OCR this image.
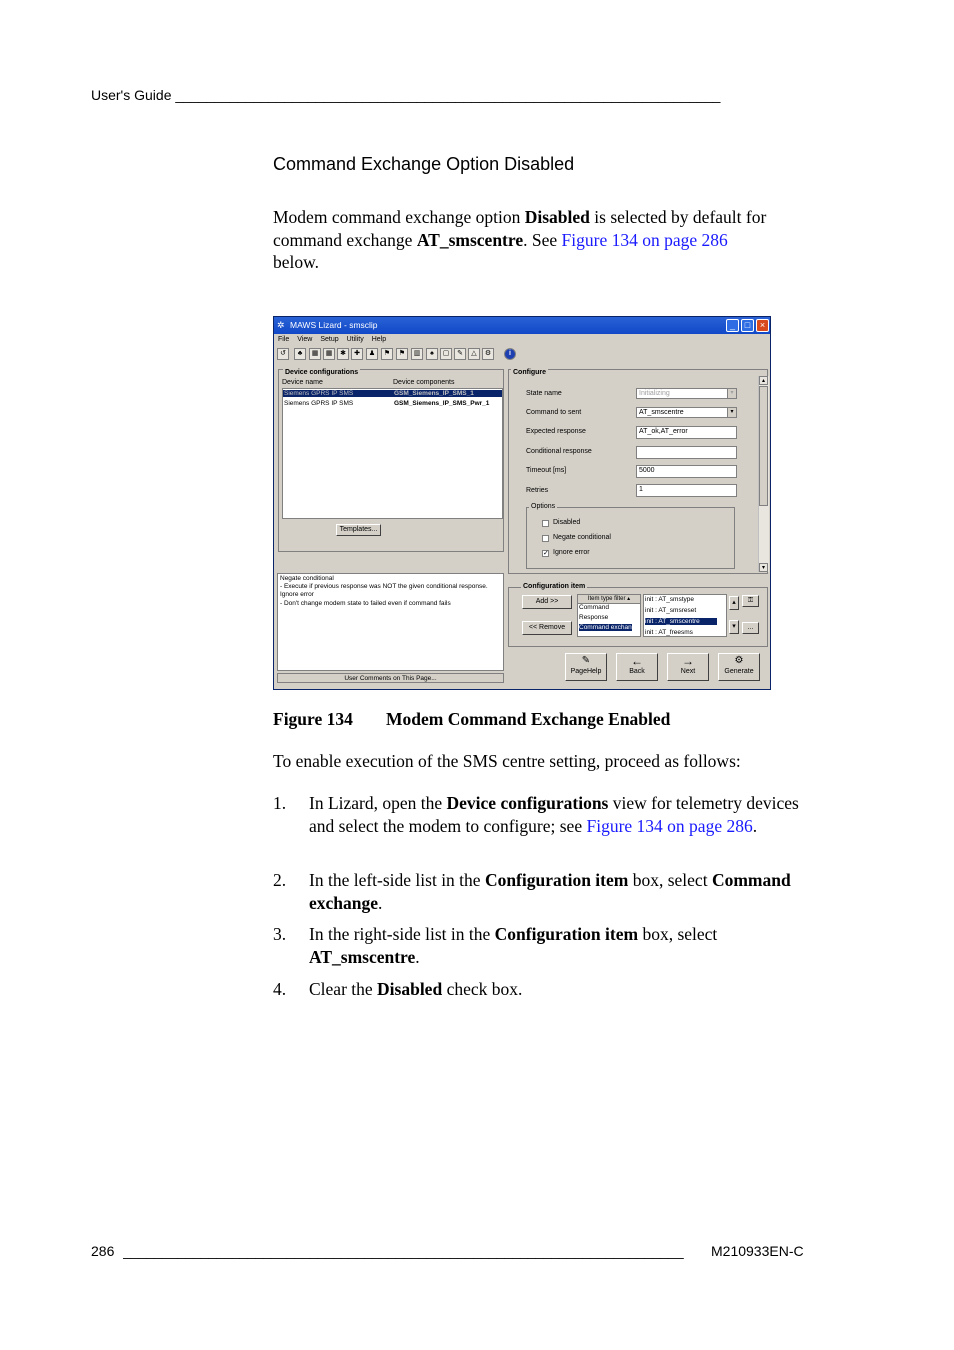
User's Guide ______________________________________________________________________
Command Exchange Option Disabled
Modem command exchange option Disabled is selected by default for command exchange AT_smscentre. See Figure 134 on page 286
below.
✲ MAWS Lizard - smsclip	_	□	×
File View Setup Utility Help
↺	♣	▦	▦	✱	✚	♟	⚑	⚑	▥	♠	▢	✎	△	⚙	i
Device configurations
Device name	Device components
Siemens GPRS IP SMS	GSM_Siemens_IP_SMS_1

Siemens GPRS IP SMS	GSM_Siemens_IP_SMS_Pwr_1

Templates...
Negate conditional
- Execute if previous response was NOT the given conditional response.
Ignore error
- Don't change modem state to failed even if command fails
User Comments on This Page...
Configure
State name	Initializing	▾
Command to sent	AT_smscentre	▾
Expected response	AT_ok,AT_error
Conditional response
Timeout [ms]	5000
Retries	1
Options
Disabled
Negate conditional
✓ Ignore error
▴
▾
Configuration item
Add >>
<< Remove
Item type filter ▴
Command
Response
Command exchan
init : AT_smstype
init : AT_smsreset
init : AT_smscentre
init : AT_freesms
▴
▾
⚿
...
✎
PageHelp
←
Back
→
Next
⚙
Generate
Figure 134 Modem Command Exchange Enabled
To enable execution of the SMS centre setting, proceed as follows:
1. In Lizard, open the Device configurations view for telemetry devices and select the modem to configure; see Figure 134 on page 286.
2. In the left-side list in the Configuration item box, select Command exchange.
3. In the right-side list in the Configuration item box, select AT_smscentre.
4. Clear the Disabled check box.
286 ________________________________________________________________________	M210933EN-C
